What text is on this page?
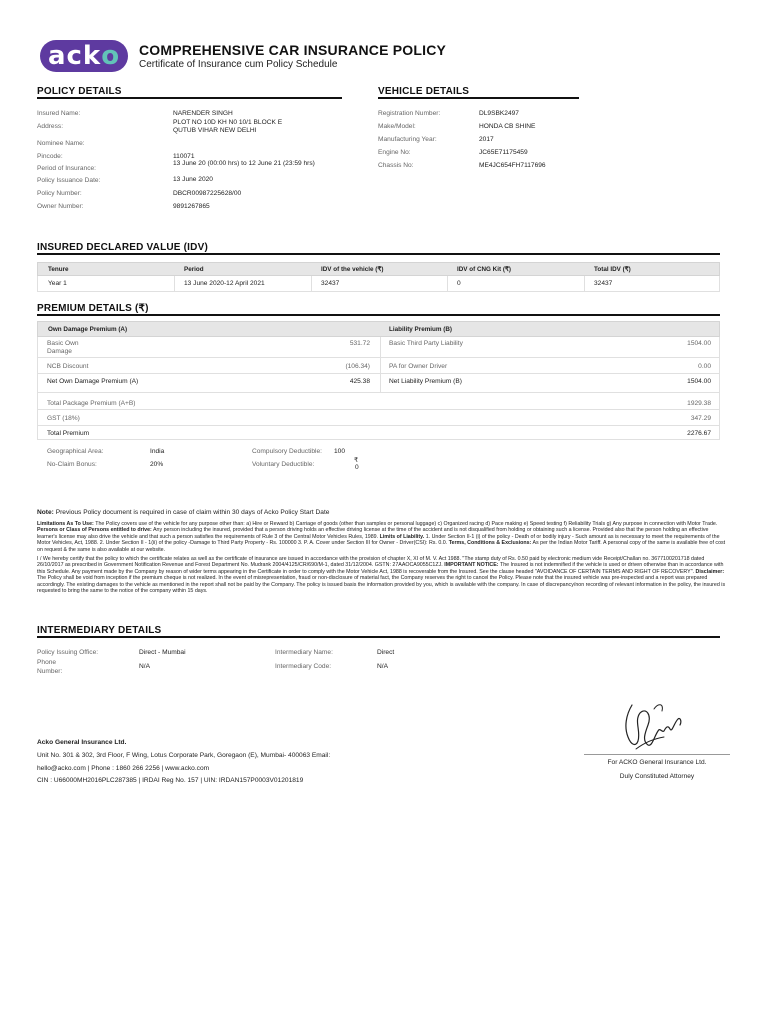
ack o COMPREHENSIVE CAR INSURANCE POLICY
Certificate of Insurance cum Policy Schedule
POLICY DETAILS
Insured Name:	NARENDER SINGH
Address:
PLOT NO 10D KH N0 10/1 BLOCK E
QUTUB VIHAR NEW DELHI
Nominee Name:
Pincode:	110071
Period of Insurance:
13 June 20 (00:00 hrs) to 12 June 21 (23:59 hrs)
Policy Issuance Date:	13 June 2020
Policy Number:	DBCR00987225628/00
Owner Number:	9891267865
VEHICLE DETAILS
Registration Number:	DL9SBK2497
Make/Model:	HONDA CB SHINE
Manufacturing Year:	2017
Engine No:	JC65E71175459
Chassis No:	ME4JC654FH7117696
INSURED DECLARED VALUE (IDV)
Tenure	Period	IDV of the vehicle (₹)	IDV of CNG Kit (₹)	Total IDV (₹)
Year 1	13 June 2020-12 April 2021	32437	0	32437
PREMIUM DETAILS (₹)
Own Damage Premium (A)	Liability Premium (B)
Basic Own
Damage
531.72	Basic Third Party Liability	1504.00
NCB Discount	(106.34)	PA for Owner Driver	0.00
Net Own Damage Premium (A)	425.38	Net Liability Premium (B)	1504.00
Total Package Premium (A+B)	1929.38
GST (18%)	347.29
Total Premium	2276.67
Geographical Area:	India
No-Claim Bonus:	20%
Compulsory Deductible: 100
Voluntary Deductible:
₹
0
Note: Previous Policy document is required in case of claim within 30 days of Acko Policy Start Date
Limitations As To Use: The Policy covers use of the vehicle for any purpose other than: a) Hire or Reward b) Carriage of goods (other than samples or personal luggage) c) Organized racing d) Pace making e) Speed testing f) Reliability Trials g) Any purpose in connection with Motor Trade. Persons or Class of Persons entitled to drive: Any person including the insured, provided that a person driving holds an effective driving license at the time of the accident and is not disqualified from holding or obtaining such a license. Provided also that the person holding an effective learner's license may also drive the vehicle and that such a person satisfies the requirements of Rule 3 of the Central Motor Vehicles Rules, 1989. Limits of Liability. 1. Under Section II-1 (i) of the policy - Death of or bodily injury - Such amount as is necessary to meet the requirements of the Motor Vehicles, Act, 1988. 2. Under Section II - 1(ii) of the policy -Damage to Third Party Property - Rs. 100000 3. P. A. Cover under Section III for Owner - Driver(CSI): Rs. 0.0. Terms, Conditions & Exclusions: As per the Indian Motor Tariff. A personal copy of the same is available free of cost on request & the same is also available at our website.
I / We hereby certify that the policy to which the certificate relates as well as the certificate of insurance are issued in accordance with the provision of chapter X, XI of M. V. Act 1988. "The stamp duty of Rs. 0.50 paid by electronic medium vide Receipt/Challan no. 3677100201718 dated 26/10/2017 as prescribed in Government Notification Revenue and Forest Department No. Mudrank 2004/4125/CR/690/M-1, dated 31/12/2004. GSTN: 27AAOCA9055C1ZJ. IMPORTANT NOTICE: The Insured is not indemnified if the vehicle is used or driven otherwise than in accordance with this Schedule. Any payment made by the Company by reason of wider terms appearing in the Certificate in order to comply with the Motor Vehicle Act, 1988 is recoverable from the Insured. See the clause headed "AVOIDANCE OF CERTAIN TERMS AND RIGHT OF RECOVERY". Disclaimer: The Policy shall be void from inception if the premium cheque is not realized. In the event of misrepresentation, fraud or non-disclosure of material fact, the Company reserves the right to cancel the Policy. Please note that the insured vehicle was pre-inspected and a report was prepared accordingly. The existing damages to the vehicle as mentioned in the report shall not be paid by the Company. The policy is issued basis the information provided by you, which is available with the company. In case of discrepancy/non recording of relevant information in the policy, the insured is requested to bring the same to the notice of the company within 15 days.
INTERMEDIARY DETAILS
Policy Issuing Office:	Direct - Mumbai
Phone
Number:
N/A
Intermediary Name:	Direct
Intermediary Code:	N/A
Acko General Insurance Ltd.
Unit No. 301 & 302, 3rd Floor, F Wing, Lotus Corporate Park, Goregaon (E), Mumbai- 400063 Email:
hello@acko.com | Phone : 1860 266 2256 | www.acko.com
CIN : U66000MH2016PLC287385 | IRDAI Reg No. 157 | UIN: IRDAN157P0003V01201819
For ACKO General Insurance Ltd.
Duly Constituted Attorney
